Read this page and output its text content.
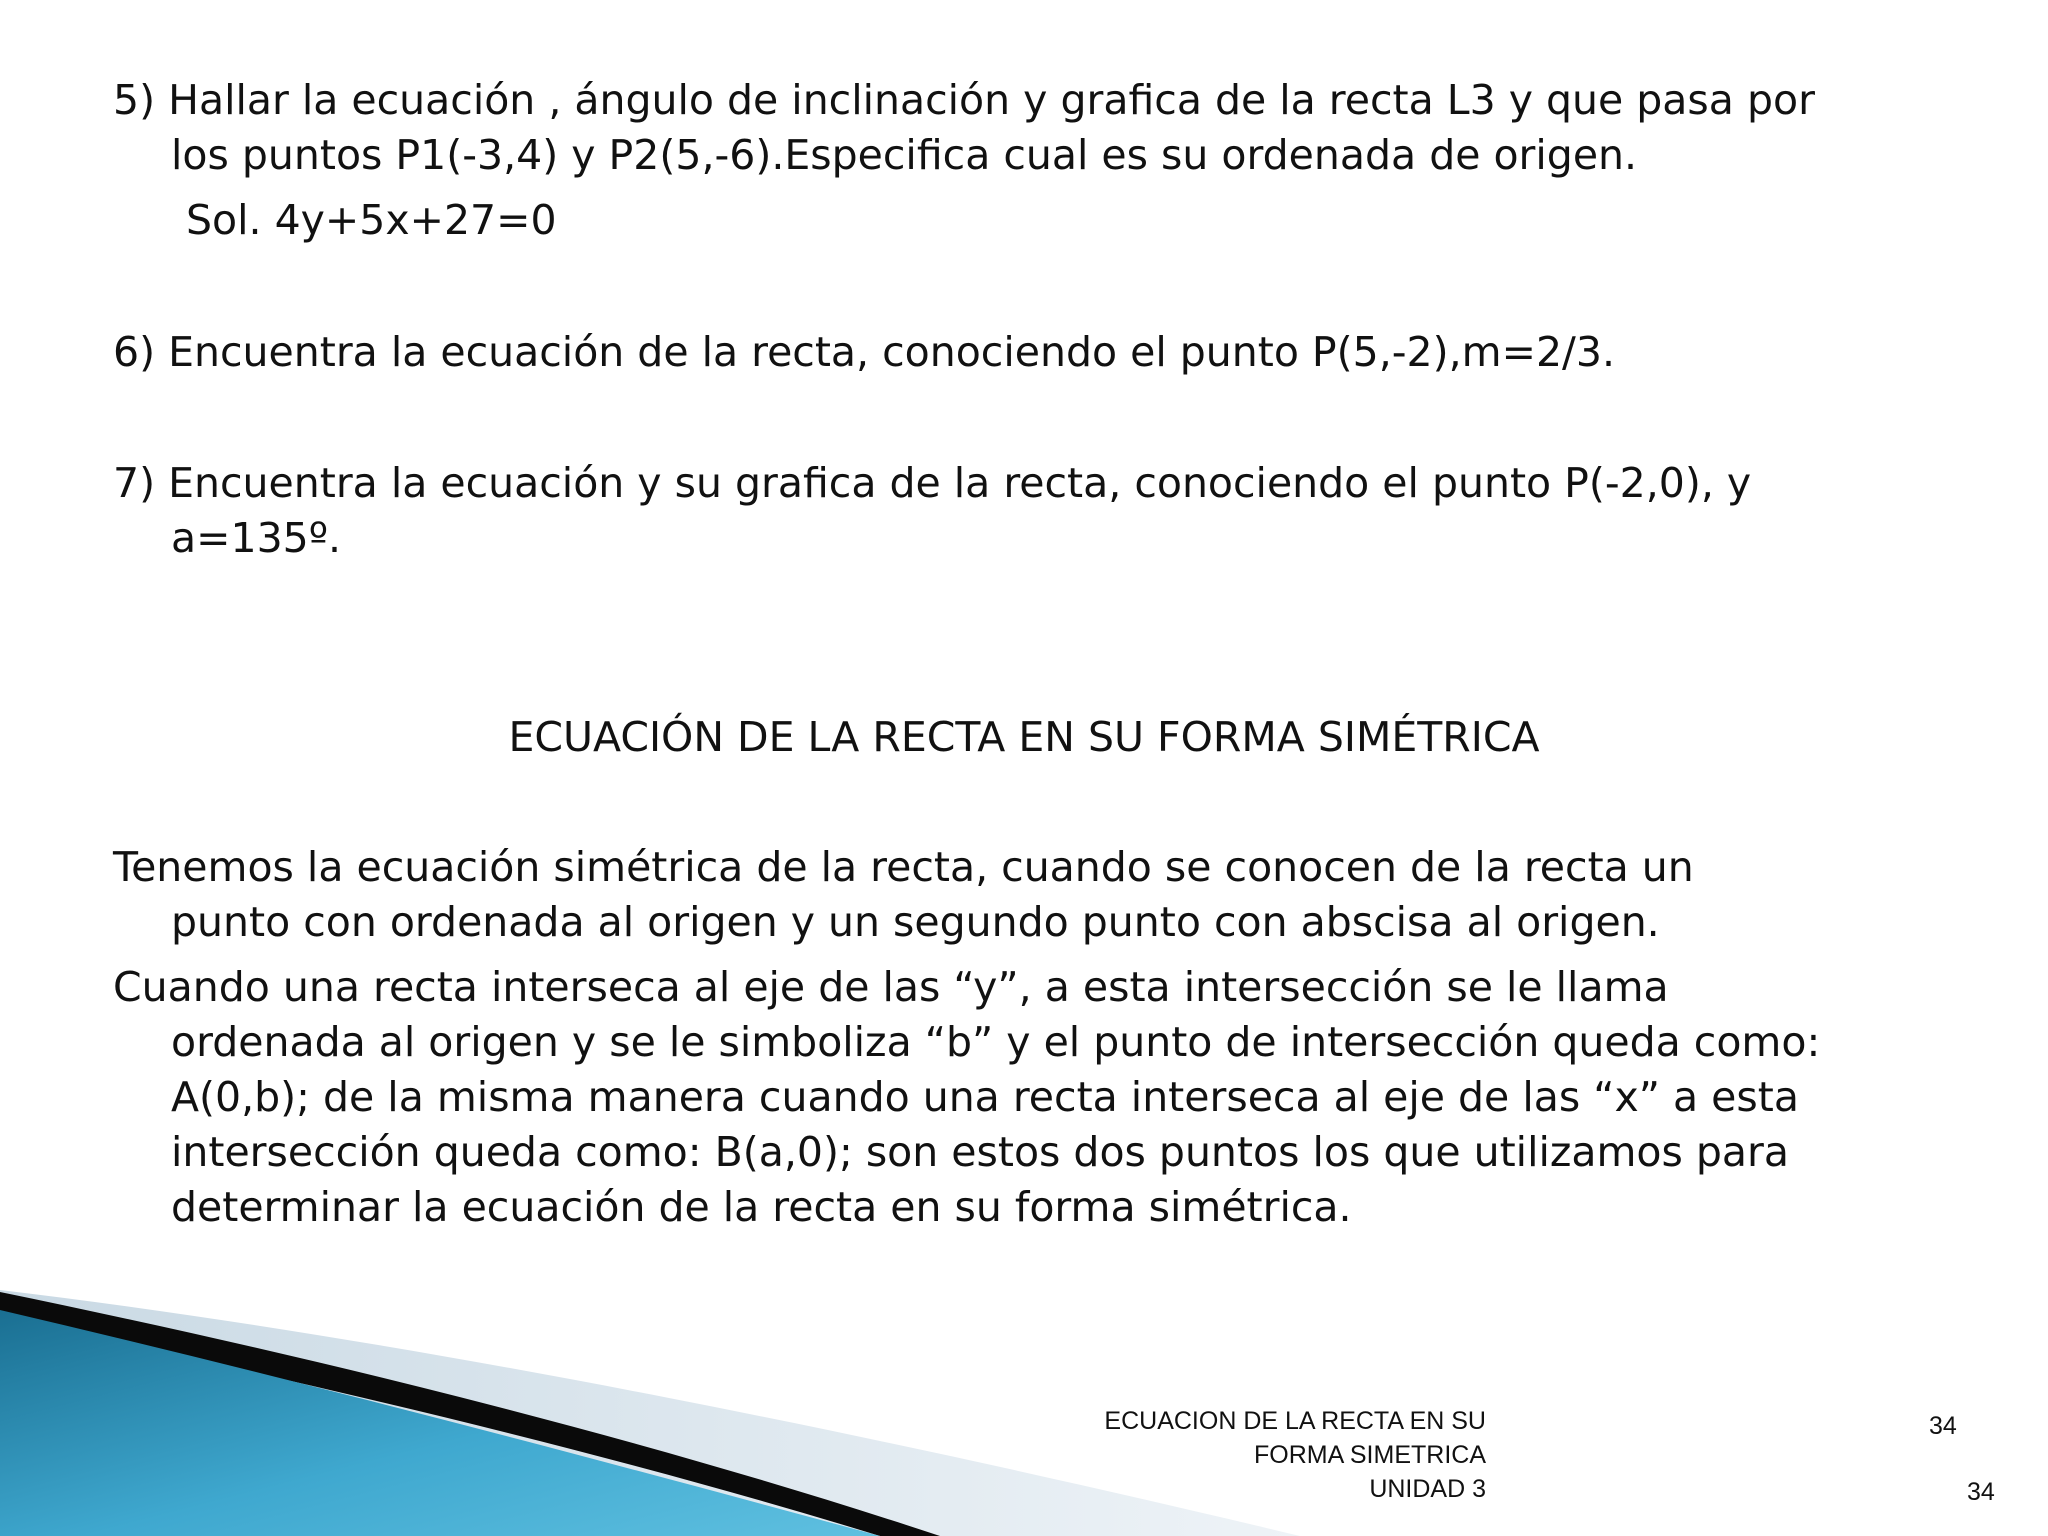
5) Hallar la ecuación , ángulo de inclinación y grafica de la recta L3 y que pasa por
los puntos P1(-3,4) y P2(5,-6).Especifica cual es su ordenada de origen.

Sol. 4y+5x+27=0

6) Encuentra la ecuación de la recta, conociendo el punto P(5,-2),m=2/3.

7) Encuentra la ecuación y su grafica de la recta, conociendo el punto P(-2,0), y
a=135º.

ECUACIÓN DE LA RECTA EN SU FORMA SIMÉTRICA

Tenemos la ecuación simétrica de la recta, cuando se conocen de la recta un
punto con ordenada al origen y un segundo punto con abscisa al origen.

Cuando una recta interseca al eje de las “y”, a esta intersección se le llama
ordenada al origen y se le simboliza “b” y el punto de intersección queda como:
A(0,b); de la misma manera cuando una recta interseca al eje de las “x” a esta
intersección queda como: B(a,0); son estos dos puntos los que utilizamos para
determinar la ecuación de la recta en su forma simétrica.

ECUACION DE LA RECTA EN SU
FORMA SIMETRICA
UNIDAD 3
34
34
